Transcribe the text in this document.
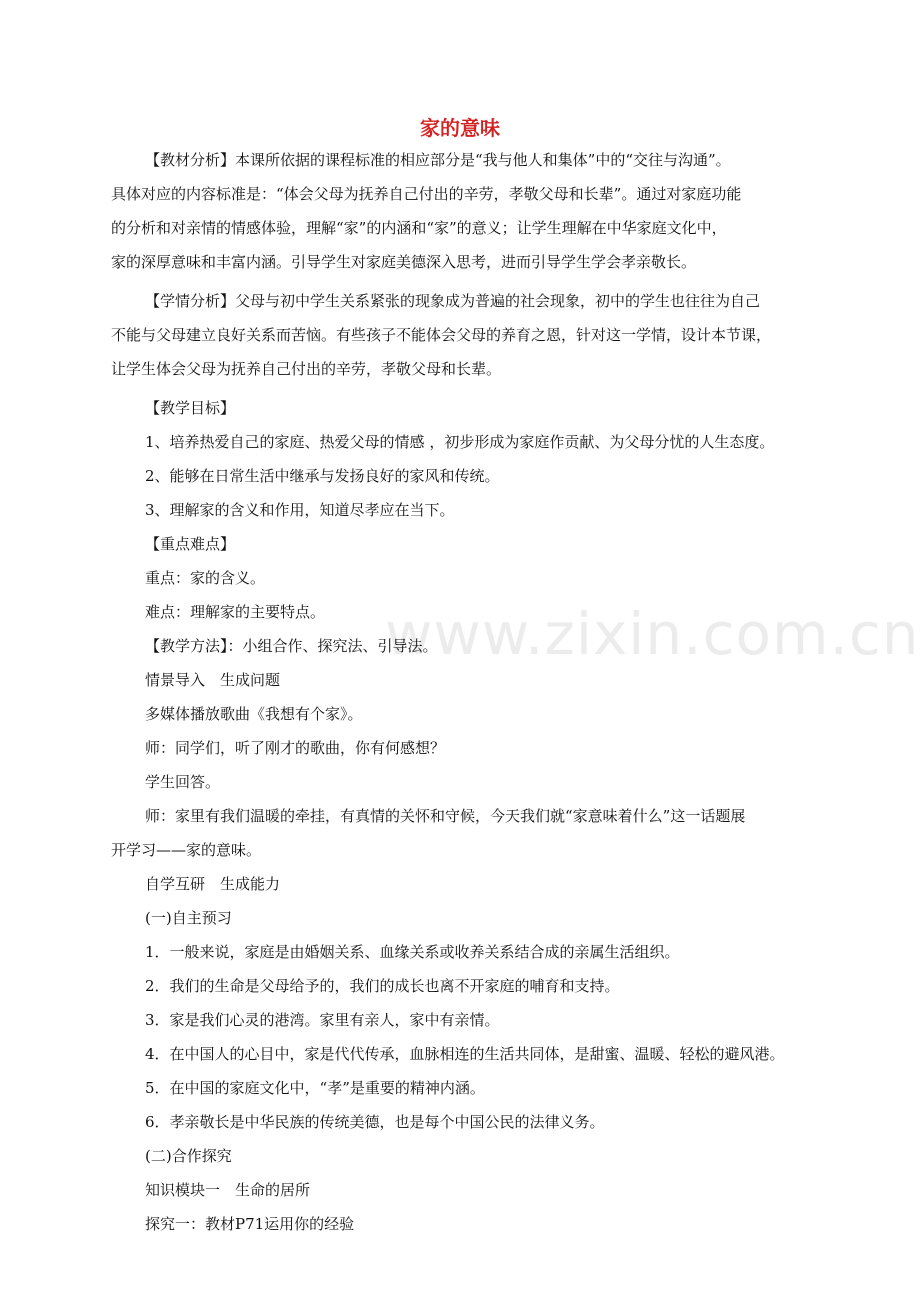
家的意味
www.zixin.com.cn
【教材分析】本课所依据的课程标准的相应部分是“我与他人和集体”中的“交往与沟通”。
具体对应的内容标准是：“体会父母为抚养自己付出的辛劳，孝敬父母和长辈”。通过对家庭功能
的分析和对亲情的情感体验，理解“家”的内涵和“家”的意义；让学生理解在中华家庭文化中，
家的深厚意味和丰富内涵。引导学生对家庭美德深入思考，进而引导学生学会孝亲敬长。
【学情分析】父母与初中学生关系紧张的现象成为普遍的社会现象，初中的学生也往往为自己
不能与父母建立良好关系而苦恼。有些孩子不能体会父母的养育之恩，针对这一学情，设计本节课，
让学生体会父母为抚养自己付出的辛劳，孝敬父母和长辈。
【教学目标】
1、培养热爱自己的家庭、热爱父母的情感 ，初步形成为家庭作贡献、为父母分忧的人生态度。
2、能够在日常生活中继承与发扬良好的家风和传统。
3、理解家的含义和作用，知道尽孝应在当下。
【重点难点】
重点：家的含义。
难点：理解家的主要特点。
【教学方法】：小组合作、探究法、引导法。
情景导入　生成问题
多媒体播放歌曲《我想有个家》。
师：同学们，听了刚才的歌曲，你有何感想？
学生回答。
师：家里有我们温暖的牵挂，有真情的关怀和守候，今天我们就“家意味着什么”这一话题展
开学习——家的意味。
自学互研　生成能力
(一)自主预习
1．一般来说，家庭是由婚姻关系、血缘关系或收养关系结合成的亲属生活组织。
2．我们的生命是父母给予的，我们的成长也离不开家庭的哺育和支持。
3．家是我们心灵的港湾。家里有亲人，家中有亲情。
4．在中国人的心目中，家是代代传承，血脉相连的生活共同体，是甜蜜、温暖、轻松的避风港。
5．在中国的家庭文化中，“孝”是重要的精神内涵。
6．孝亲敬长是中华民族的传统美德，也是每个中国公民的法律义务。
(二)合作探究
知识模块一　生命的居所
探究一：教材P71运用你的经验
